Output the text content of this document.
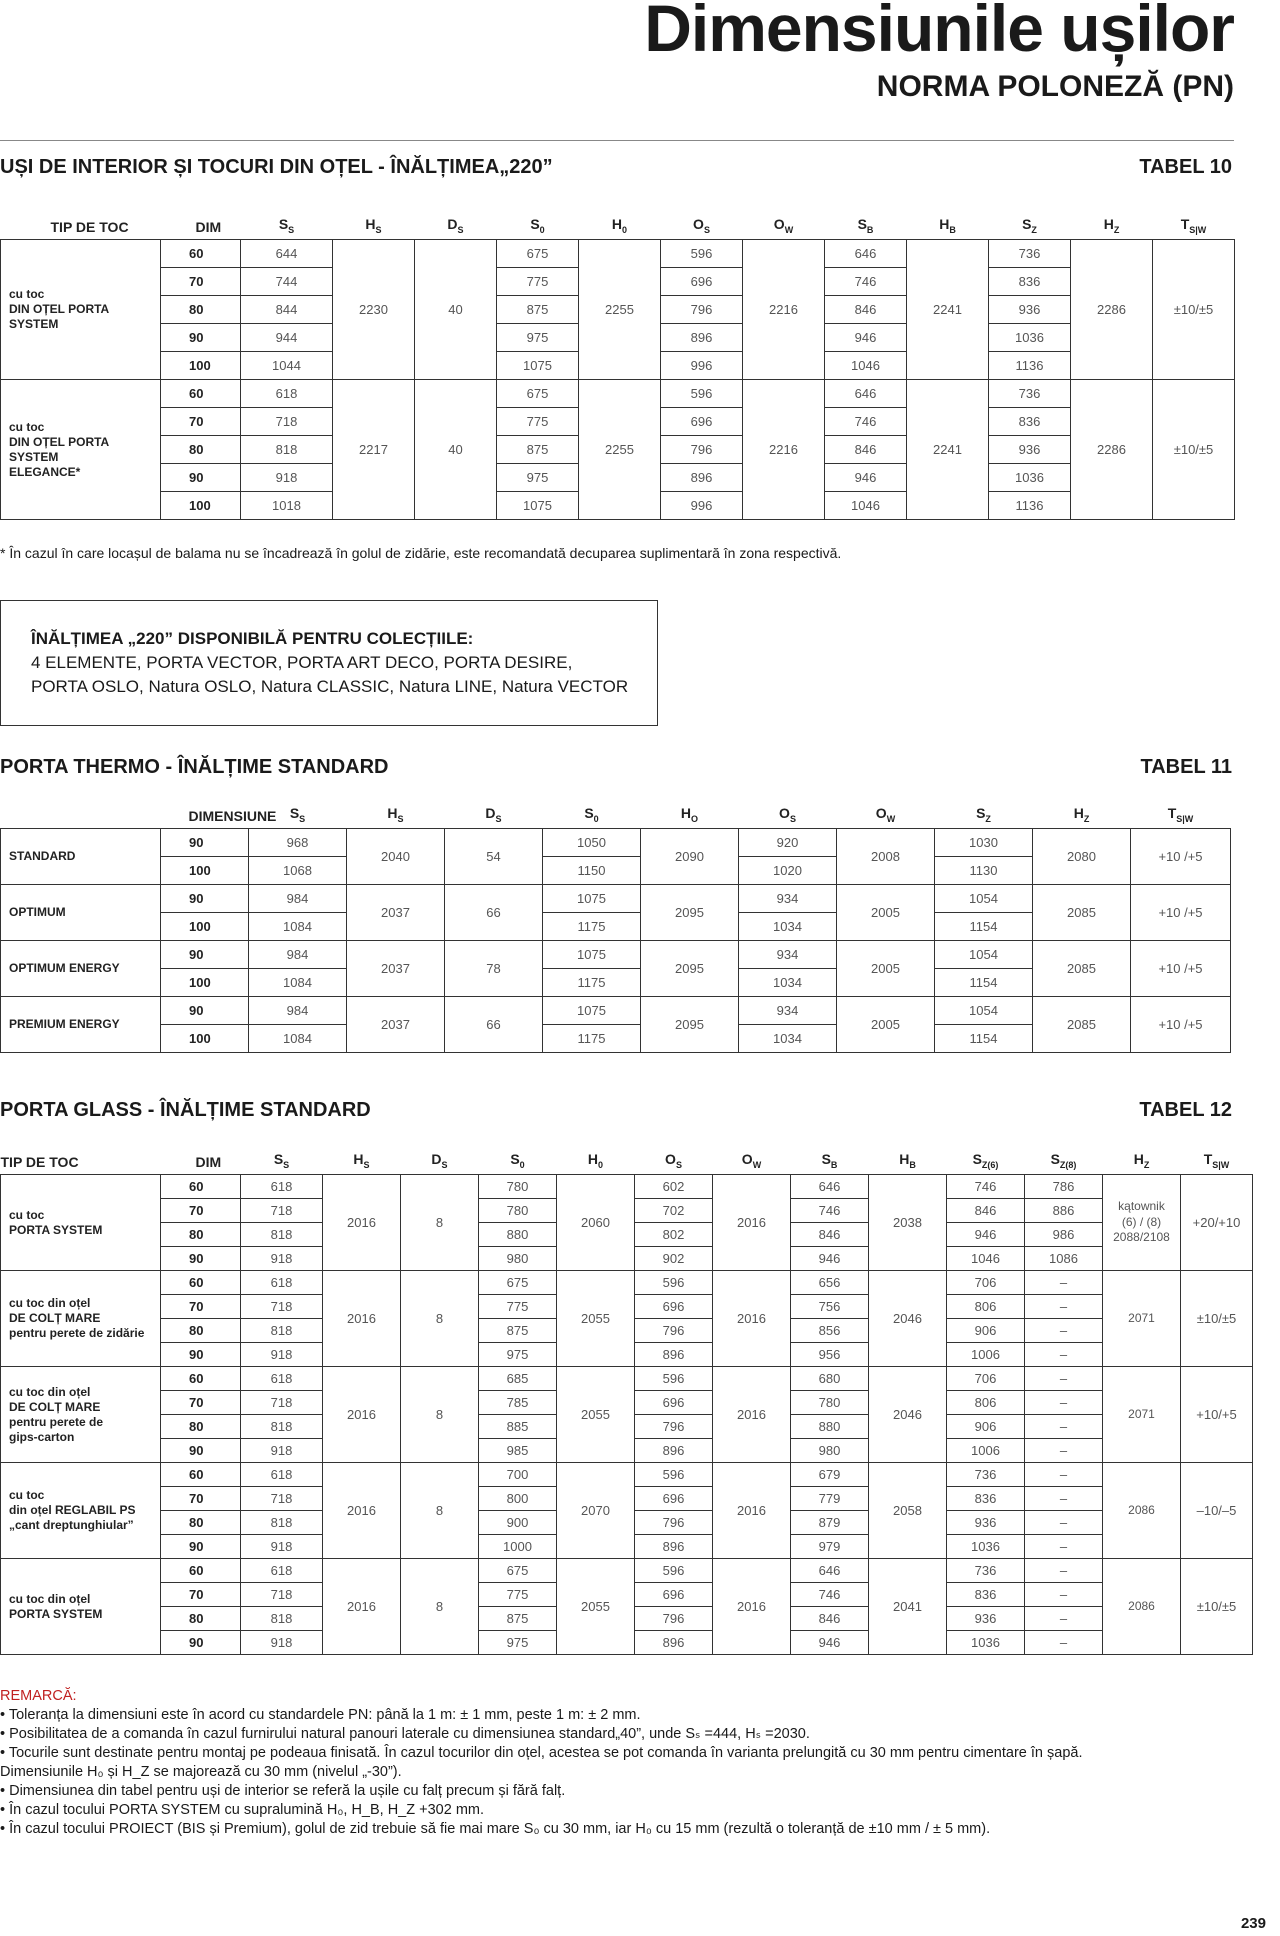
Dimensiunile ușilor
NORMA POLONEZĂ (PN)
UȘI DE INTERIOR ȘI TOCURI DIN OȚEL - ÎNĂLȚIMEA„220”	TABEL 10
TIP DE TOC	DIM	$S_S$	$H_S$	$D_S$	$S_0$	$H_0$	$O_S$	$O_W$	$S_B$	$H_B$	$S_Z$	$H_Z$	$T_{S|W}$
cu toc
DIN OȚEL PORTA SYSTEM	60	644	2230	40	675	2255	596	2216	646	2241	736	2286	±10/±5
	70	744			775		696		746		836		
	80	844			875		796		846		936		
	90	944			975		896		946		1036		
	100	1044			1075		996		1046		1136		
cu toc
DIN OȚEL PORTA SYSTEM
ELEGANCE*	60	618	2217	40	675	2255	596	2216	646	2241	736	2286	±10/±5
	70	718			775		696		746		836		
	80	818			875		796		846		936		
	90	918			975		896		946		1036		
	100	1018			1075		996		1046		1136		
* În cazul în care locașul de balama nu se încadrează în golul de zidărie, este recomandată decuparea suplimentară în zona respectivă.
ÎNĂLȚIMEA „220” DISPONIBILĂ PENTRU COLECȚIILE:
4 ELEMENTE, PORTA VECTOR, PORTA ART DECO, PORTA DESIRE,
PORTA OSLO, Natura OSLO, Natura CLASSIC, Natura LINE, Natura VECTOR
PORTA THERMO - ÎNĂLȚIME STANDARD	TABEL 11
	DIMENSIUNE	$S_S$	$H_S$	$D_S$	$S_0$	$H_O$	$O_S$	$O_W$	$S_Z$	$H_Z$	$T_{S|W}$
STANDARD	90	968	2040	54	1050	2090	920	2008	1030	2080	+10 /+5
	100	1068			1150		1020		1130		
OPTIMUM	90	984	2037	66	1075	2095	934	2005	1054	2085	+10 /+5
	100	1084			1175		1034		1154		
OPTIMUM ENERGY	90	984	2037	78	1075	2095	934	2005	1054	2085	+10 /+5
	100	1084			1175		1034		1154		
PREMIUM ENERGY	90	984	2037	66	1075	2095	934	2005	1054	2085	+10 /+5
	100	1084			1175		1034		1154		
PORTA GLASS - ÎNĂLȚIME STANDARD	TABEL 12
TIP DE TOC	DIM	$S_S$	$H_S$	$D_S$	$S_0$	$H_0$	$O_S$	$O_W$	$S_B$	$H_B$	$S_{Z(6)}$	$S_{Z(8)}$	$H_Z$	$T_{S|W}$
cu toc
PORTA SYSTEM	60	618	2016	8	780	2060	602	2016	646	2038	746	786	kątownik
(6) / (8)
2088/2108	+20/+10
	70	718			780		702		746		846	886		
	80	818			880		802		846		946	986		
	90	918			980		902		946		1046	1086		
cu toc din oțel
DE COLȚ MARE
pentru perete de zidărie	60	618	2016	8	675	2055	596	2016	656	2046	706	–	2071	±10/±5
	70	718			775		696		756		806	–		
	80	818			875		796		856		906	–		
	90	918			975		896		956		1006	–		
cu toc din oțel
DE COLȚ MARE
pentru perete de
gips-carton	60	618	2016	8	685	2055	596	2016	680	2046	706	–	2071	+10/+5
	70	718			785		696		780		806	–		
	80	818			885		796		880		906	–		
	90	918			985		896		980		1006	–		
cu toc
din oțel REGLABIL PS
„cant dreptunghiular”	60	618	2016	8	700	2070	596	2016	679	2058	736	–	2086	–10/–5
	70	718			800		696		779		836	–		
	80	818			900		796		879		936	–		
	90	918			1000		896		979		1036	–		
cu toc din oțel
PORTA SYSTEM	60	618	2016	8	675	2055	596	2016	646	2041	736	–	2086	±10/±5
	70	718			775		696		746		836	–		
	80	818			875		796		846		936	–		
	90	918			975		896		946		1036	–		
REMARCĂ:
• Toleranța la dimensiuni este în acord cu standardele PN: până la 1 m: ± 1 mm, peste 1 m: ± 2 mm.
• Posibilitatea de a comanda în cazul furnirului natural panouri laterale cu dimensiunea standard„40”, unde Sₛ =444, Hₛ =2030.
• Tocurile sunt destinate pentru montaj pe podeaua finisată. În cazul tocurilor din oțel, acestea se pot comanda în varianta prelungită cu 30 mm pentru cimentare în șapă.
Dimensiunile H₀ și H_Z se majorează cu 30 mm (nivelul „-30”).
• Dimensiunea din tabel pentru uși de interior se referă la ușile cu falț precum și fără falț.
• În cazul tocului PORTA SYSTEM cu supralumină H₀, H_B, H_Z +302 mm.
• În cazul tocului PROIECT (BIS și Premium), golul de zid trebuie să fie mai mare S₀ cu 30 mm, iar H₀ cu 15 mm (rezultă o toleranță de ±10 mm / ± 5 mm).
239
